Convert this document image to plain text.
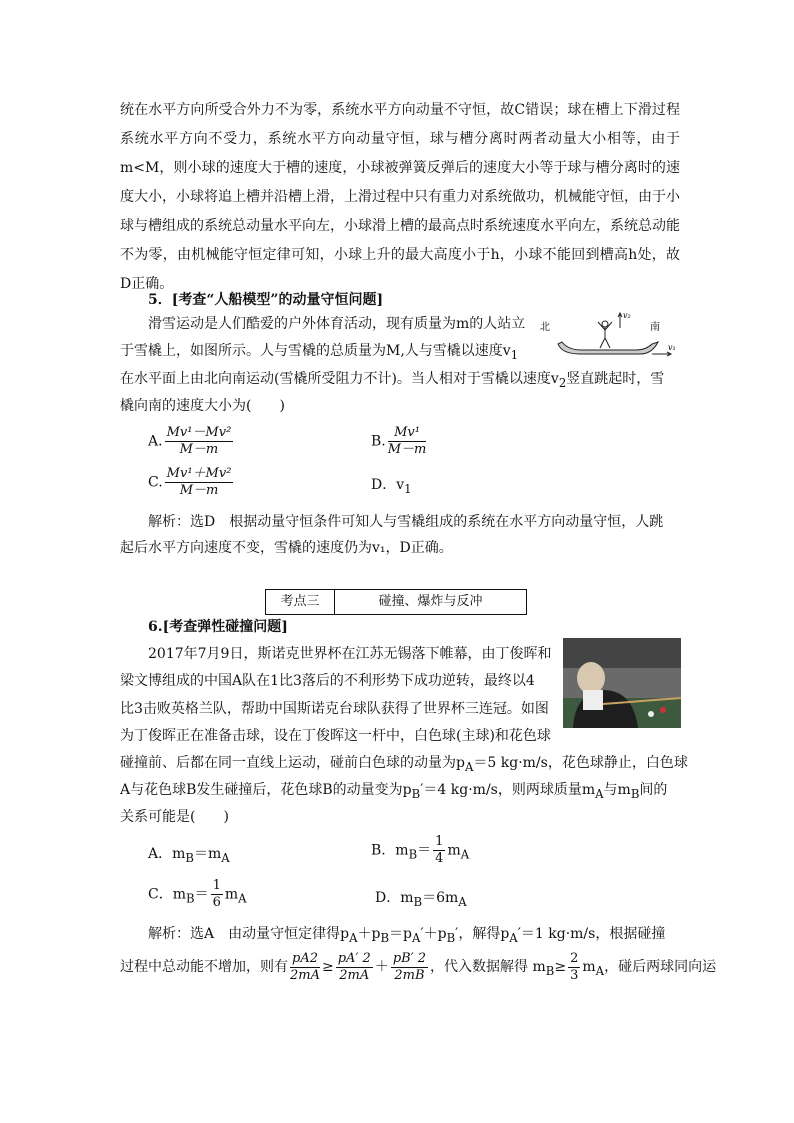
统在水平方向所受合外力不为零，系统水平方向动量不守恒，故C错误；球在槽上下滑过程系统水平方向不受力，系统水平方向动量守恒，球与槽分离时两者动量大小相等，由于m<M，则小球的速度大于槽的速度，小球被弹簧反弹后的速度大小等于球与槽分离时的速度大小，小球将追上槽并沿槽上滑，上滑过程中只有重力对系统做功，机械能守恒，由于小球与槽组成的系统总动量水平向左，小球滑上槽的最高点时系统速度水平向左，系统总动能不为零，由机械能守恒定律可知，小球上升的最大高度小于h，小球不能回到槽高h处，故D正确。

5．[考查“人船模型”的动量守恒问题]
滑雪运动是人们酷爱的户外体育活动，现有质量为m的人站立
于雪橇上，如图所示。人与雪橇的总质量为M,人与雪橇以速度$v_1$
在水平面上由北向南运动(雪橇所受阻力不计)。当人相对于雪橇以速度$v_2$竖直跳起时，雪
橇向南的速度大小为(　　)
北	南
v₂
v₁
A. $\frac{\text{Mv¹－Mv²}}{M-m}$	B. $\frac{\text{Mv¹}}{M-m}$
C. $\frac{\text{Mv¹＋Mv²}}{M-m}$	D．$v_1$
解析：选D　根据动量守恒条件可知人与雪橇组成的系统在水平方向动量守恒，人跳
起后水平方向速度不变，雪橇的速度仍为v₁，D正确。
考点三	碰撞、爆炸与反冲
6.[考查弹性碰撞问题]
2017年7月9日，斯诺克世界杯在江苏无锡落下帷幕，由丁俊晖和
梁文博组成的中国A队在1比3落后的不利形势下成功逆转，最终以4
比3击败英格兰队，帮助中国斯诺克台球队获得了世界杯三连冠。如图
为丁俊晖正在准备击球，设在丁俊晖这一杆中，白色球(主球)和花色球
碰撞前、后都在同一直线上运动，碰前白色球的动量为$p_A=5$ kg·m/s，花色球静止，白色球
A与花色球B发生碰撞后，花色球B的动量变为$p_B'=4$ kg·m/s，则两球质量$m_A$与$m_B$间的
关系可能是(　　)
A．$m_B=m_A$	B．$m_B= \frac{1}{4} m_A$
C．$m_B= \frac{1}{6} m_A$	D．$m_B=6m_A$
解析：选A　由动量守恒定律得$p_A+p_B=p_A'+p_B'$，解得$p_A'=1$ kg·m/s，根据碰撞
过程中总动能不增加，则有 $\frac{pA2}{2mA} \ge \frac{pA' 2}{2mA} + \frac{pB' 2}{2mB}$ ，代入数据解得 $m_B\ge \frac{2}{3} m_A$，碰后两球同向运
